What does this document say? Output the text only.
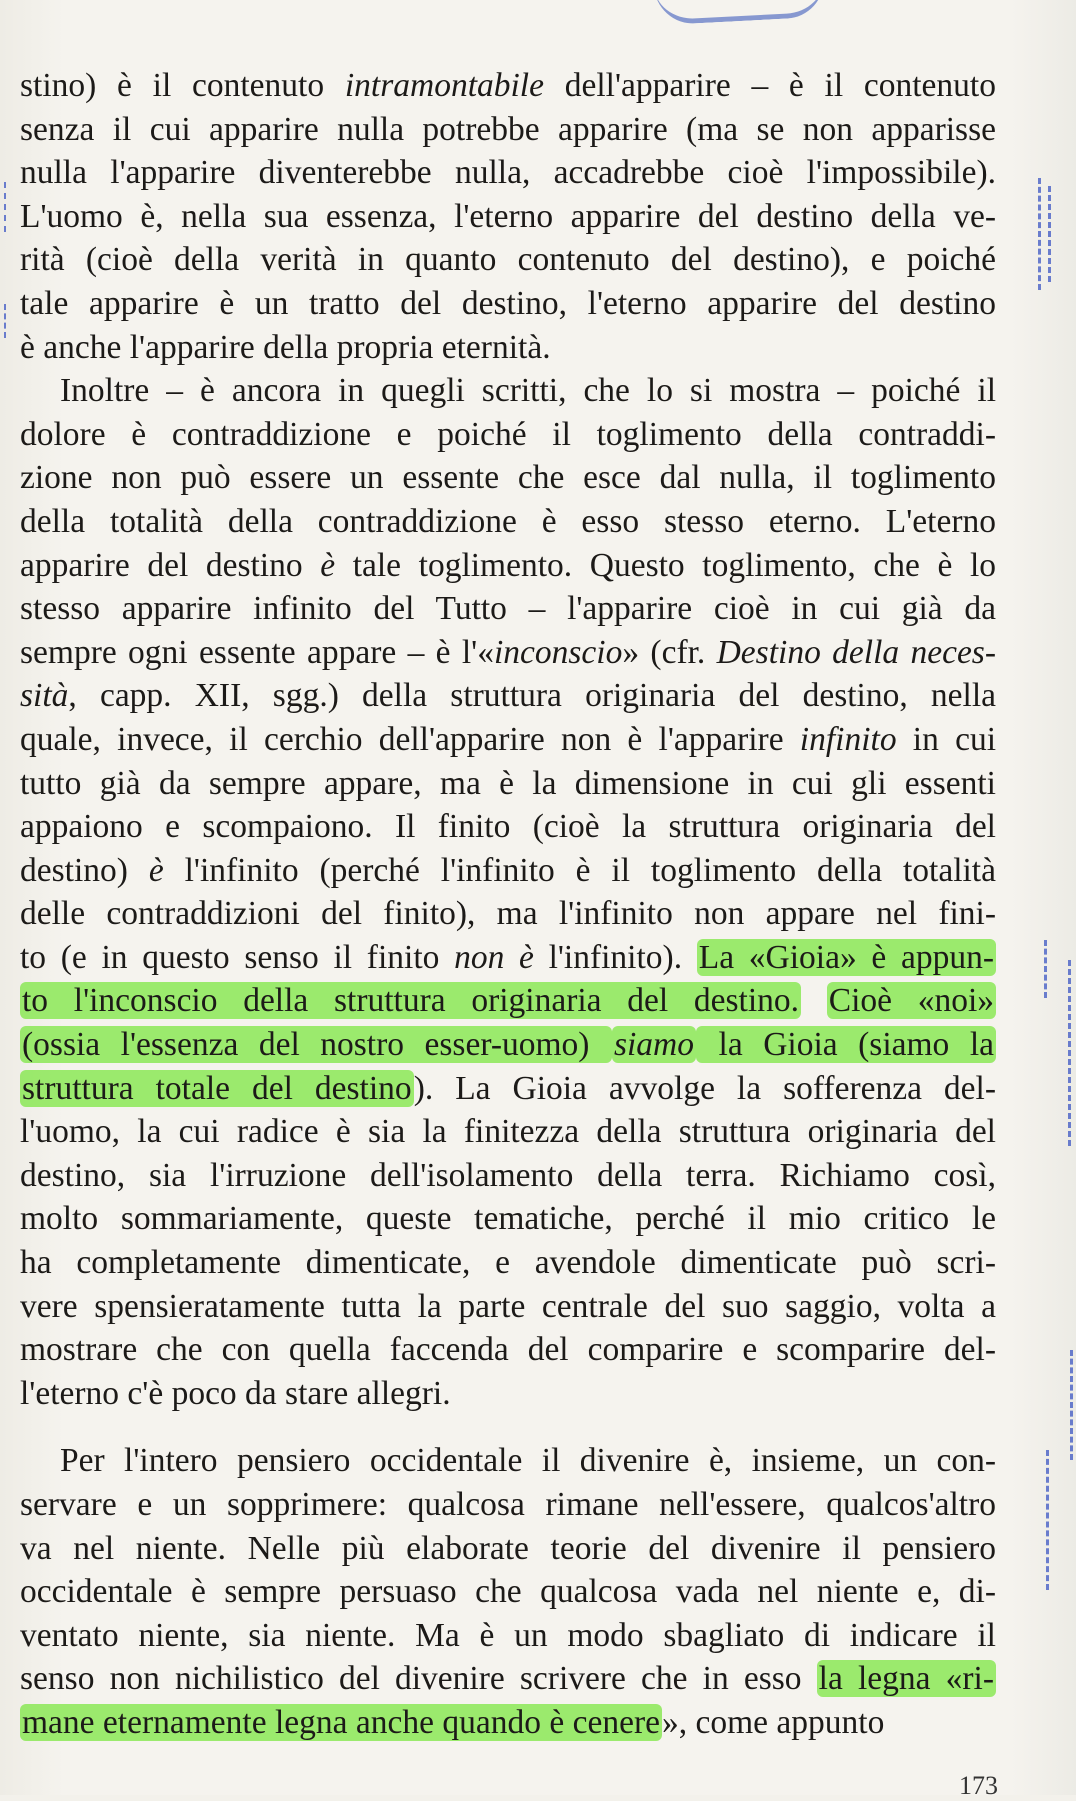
stino) è il contenuto intramontabile dell'apparire – è il contenuto
senza il cui apparire nulla potrebbe apparire (ma se non apparisse
nulla l'apparire diventerebbe nulla, accadrebbe cioè l'impossibile).
L'uomo è, nella sua essenza, l'eterno apparire del destino della ve-
rità (cioè della verità in quanto contenuto del destino), e poiché
tale apparire è un tratto del destino, l'eterno apparire del destino
è anche l'apparire della propria eternità.
Inoltre – è ancora in quegli scritti, che lo si mostra – poiché il
dolore è contraddizione e poiché il toglimento della contraddi-
zione non può essere un essente che esce dal nulla, il toglimento
della totalità della contraddizione è esso stesso eterno. L'eterno
apparire del destino è tale toglimento. Questo toglimento, che è lo
stesso apparire infinito del Tutto – l'apparire cioè in cui già da
sempre ogni essente appare – è l'«inconscio» (cfr. Destino della neces-
sità, capp. XII, sgg.) della struttura originaria del destino, nella
quale, invece, il cerchio dell'apparire non è l'apparire infinito in cui
tutto già da sempre appare, ma è la dimensione in cui gli essenti
appaiono e scompaiono. Il finito (cioè la struttura originaria del
destino) è l'infinito (perché l'infinito è il toglimento della totalità
delle contraddizioni del finito), ma l'infinito non appare nel fini-
to (e in questo senso il finito non è l'infinito). La «Gioia» è appun-
to l'inconscio della struttura originaria del destino. Cioè «noi»
(ossia l'essenza del nostro esser-uomo) siamo la Gioia (siamo la
struttura totale del destino). La Gioia avvolge la sofferenza del-
l'uomo, la cui radice è sia la finitezza della struttura originaria del
destino, sia l'irruzione dell'isolamento della terra. Richiamo così,
molto sommariamente, queste tematiche, perché il mio critico le
ha completamente dimenticate, e avendole dimenticate può scri-
vere spensieratamente tutta la parte centrale del suo saggio, volta a
mostrare che con quella faccenda del comparire e scomparire del-
l'eterno c'è poco da stare allegri.
Per l'intero pensiero occidentale il divenire è, insieme, un con-
servare e un sopprimere: qualcosa rimane nell'essere, qualcos'altro
va nel niente. Nelle più elaborate teorie del divenire il pensiero
occidentale è sempre persuaso che qualcosa vada nel niente e, di-
ventato niente, sia niente. Ma è un modo sbagliato di indicare il
senso non nichilistico del divenire scrivere che in esso la legna «ri-
mane eternamente legna anche quando è cenere», come appunto
173
